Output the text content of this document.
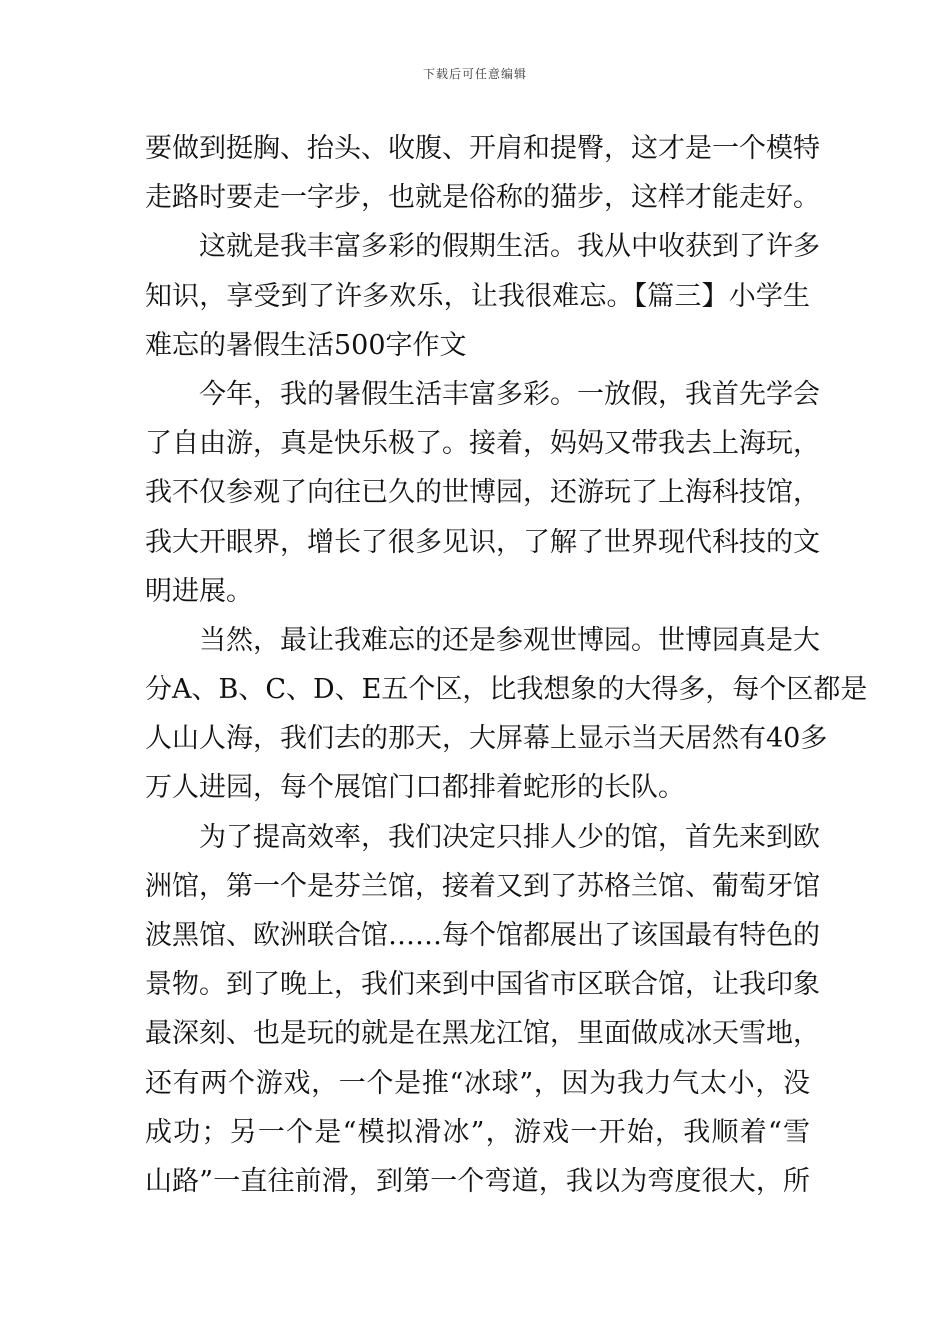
下载后可任意编辑
要做到挺胸、抬头、收腹、开肩和提臀，这才是一个模特
走路时要走一字步，也就是俗称的猫步，这样才能走好。
这就是我丰富多彩的假期生活。我从中收获到了许多
知识，享受到了许多欢乐，让我很难忘。【篇三】小学生
难忘的暑假生活500字作文
今年，我的暑假生活丰富多彩。一放假，我首先学会
了自由游，真是快乐极了。接着，妈妈又带我去上海玩，
我不仅参观了向往已久的世博园，还游玩了上海科技馆，
我大开眼界，增长了很多见识，了解了世界现代科技的文
明进展。
当然，最让我难忘的还是参观世博园。世博园真是大
分A、B、C、D、E五个区，比我想象的大得多，每个区都是
人山人海，我们去的那天，大屏幕上显示当天居然有40多
万人进园，每个展馆门口都排着蛇形的长队。
为了提高效率，我们决定只排人少的馆，首先来到欧
洲馆，第一个是芬兰馆，接着又到了苏格兰馆、葡萄牙馆
波黑馆、欧洲联合馆……每个馆都展出了该国最有特色的
景物。到了晚上，我们来到中国省市区联合馆，让我印象
最深刻、也是玩的就是在黑龙江馆，里面做成冰天雪地，
还有两个游戏，一个是推“冰球”，因为我力气太小，没
成功；另一个是“模拟滑冰”，游戏一开始，我顺着“雪
山路”一直往前滑，到第一个弯道，我以为弯度很大，所
